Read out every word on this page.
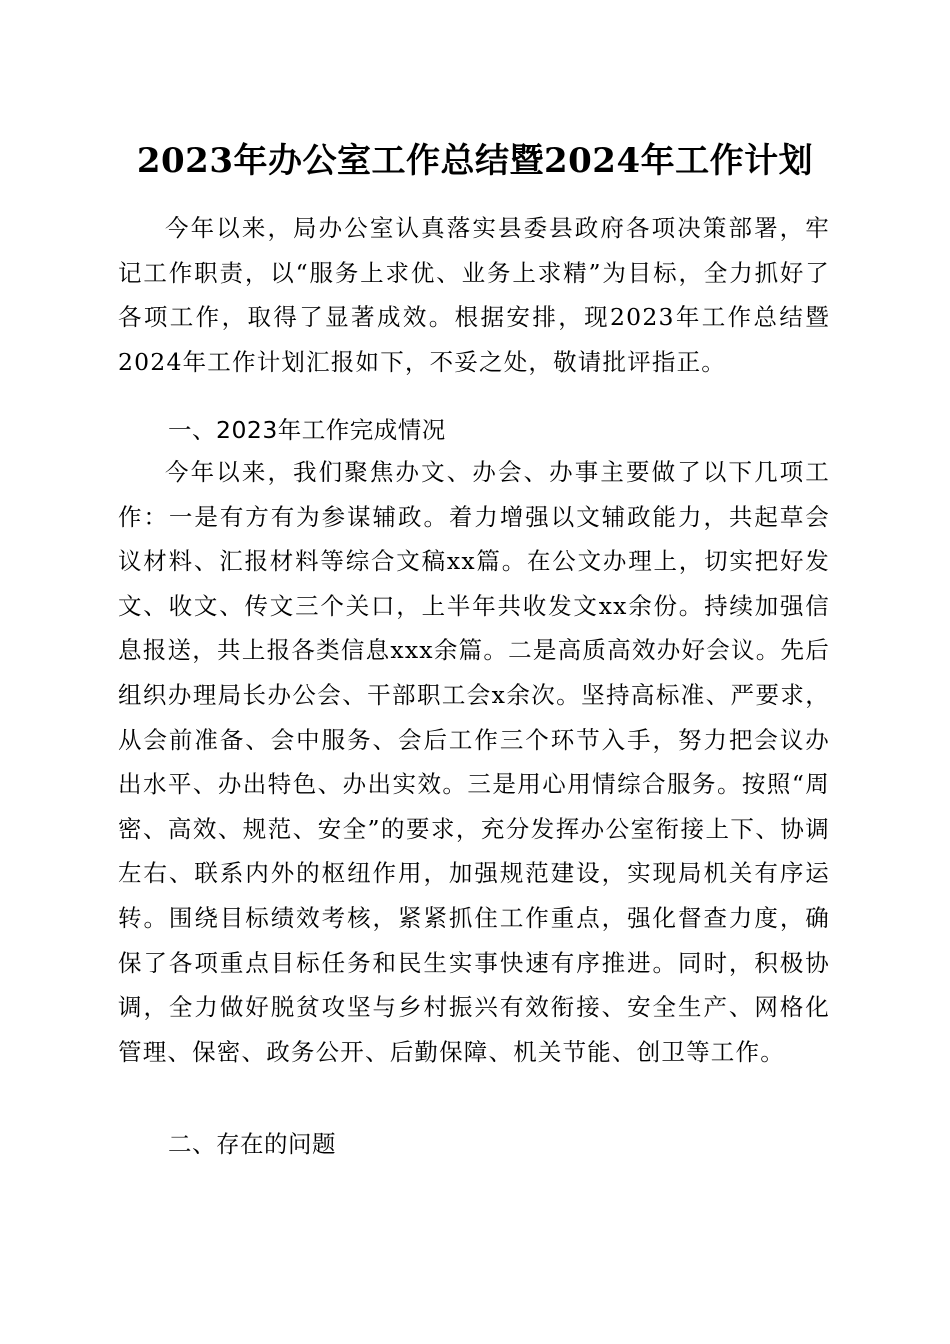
2023年办公室工作总结暨2024年工作计划

今年以来，局办公室认真落实县委县政府各项决策部署，牢记工作职责，以“服务上求优、业务上求精”为目标，全力抓好了各项工作，取得了显著成效。根据安排，现2023年工作总结暨2024年工作计划汇报如下，不妥之处，敬请批评指正。

一、2023年工作完成情况

今年以来，我们聚焦办文、办会、办事主要做了以下几项工作：一是有方有为参谋辅政。着力增强以文辅政能力，共起草会议材料、汇报材料等综合文稿xx篇。在公文办理上，切实把好发文、收文、传文三个关口，上半年共收发文xx余份。持续加强信息报送，共上报各类信息xxx余篇。二是高质高效办好会议。先后组织办理局长办公会、干部职工会x余次。坚持高标准、严要求，从会前准备、会中服务、会后工作三个环节入手，努力把会议办出水平、办出特色、办出实效。三是用心用情综合服务。按照“周密、高效、规范、安全”的要求，充分发挥办公室衔接上下、协调左右、联系内外的枢纽作用，加强规范建设，实现局机关有序运转。围绕目标绩效考核，紧紧抓住工作重点，强化督查力度，确保了各项重点目标任务和民生实事快速有序推进。同时，积极协调，全力做好脱贫攻坚与乡村振兴有效衔接、安全生产、网格化管理、保密、政务公开、后勤保障、机关节能、创卫等工作。

二、存在的问题
